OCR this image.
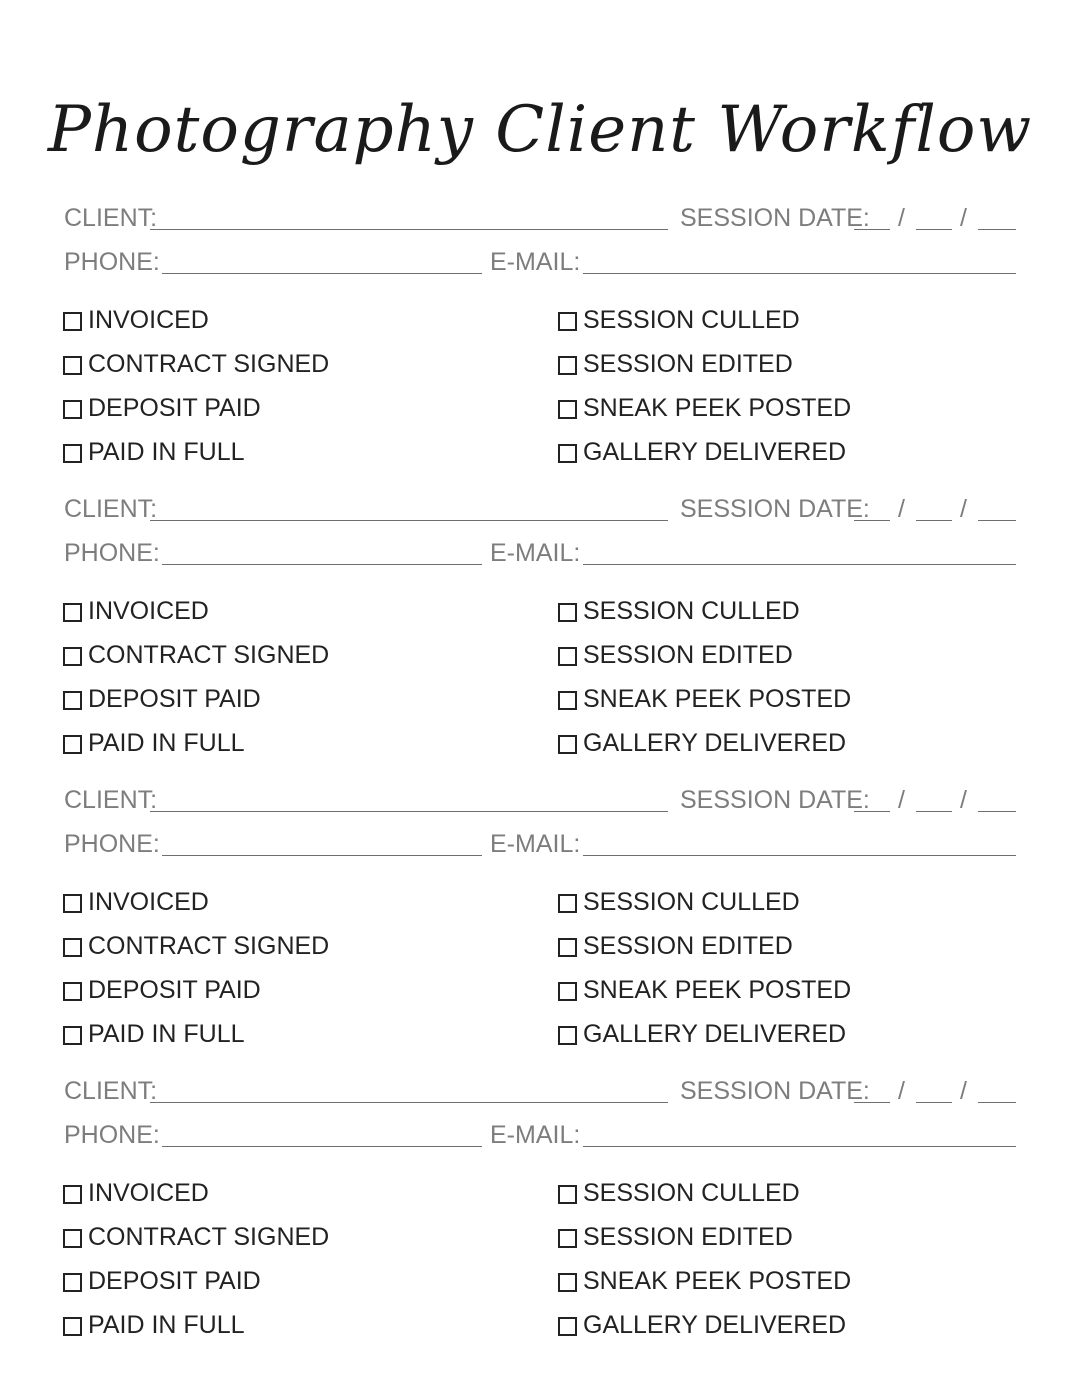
Photography Client Workflow
CLIENT:	SESSION DATE: / /
PHONE:	E-MAIL:
INVOICED
CONTRACT SIGNED
DEPOSIT PAID
PAID IN FULL
SESSION CULLED
SESSION EDITED
SNEAK PEEK POSTED
GALLERY DELIVERED
CLIENT:	SESSION DATE: / /
PHONE:	E-MAIL:
INVOICED
CONTRACT SIGNED
DEPOSIT PAID
PAID IN FULL
SESSION CULLED
SESSION EDITED
SNEAK PEEK POSTED
GALLERY DELIVERED
CLIENT:	SESSION DATE: / /
PHONE:	E-MAIL:
INVOICED
CONTRACT SIGNED
DEPOSIT PAID
PAID IN FULL
SESSION CULLED
SESSION EDITED
SNEAK PEEK POSTED
GALLERY DELIVERED
CLIENT:	SESSION DATE: / /
PHONE:	E-MAIL:
INVOICED
CONTRACT SIGNED
DEPOSIT PAID
PAID IN FULL
SESSION CULLED
SESSION EDITED
SNEAK PEEK POSTED
GALLERY DELIVERED
